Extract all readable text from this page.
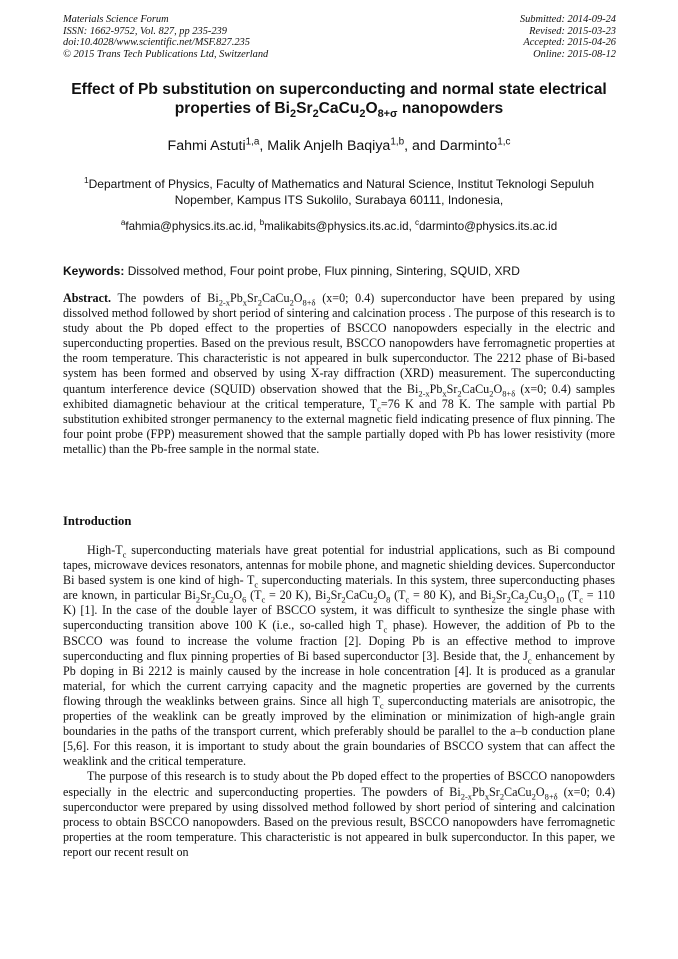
Materials Science Forum
ISSN: 1662-9752, Vol. 827, pp 235-239
doi:10.4028/www.scientific.net/MSF.827.235
© 2015 Trans Tech Publications Ltd, Switzerland
Submitted: 2014-09-24
Revised: 2015-03-23
Accepted: 2015-04-26
Online: 2015-08-12
Effect of Pb substitution on superconducting and normal state electrical
properties of $Bi_2Sr_2CaCu_2O_{8+\sigma}$ nanopowders
Fahmi Astuti$^{1,a}$, Malik Anjelh Baqiya$^{1,b}$, and Darminto$^{1,c}$
$^1$Department of Physics, Faculty of Mathematics and Natural Science, Institut Teknologi Sepuluh
Nopember, Kampus ITS Sukolilo, Surabaya 60111, Indonesia,
$^a$fahmia@physics.its.ac.id, $^b$malikabits@physics.its.ac.id, $^c$darminto@physics.its.ac.id
Keywords: Dissolved method, Four point probe, Flux pinning, Sintering, SQUID, XRD
Abstract. The powders of $Bi_{2-x}Pb_xSr_2CaCu_2O_{8+\delta}$ (x=0; 0.4) superconductor have been prepared by using dissolved method followed by short period of sintering and calcination process . The purpose of this research is to study about the Pb doped effect to the properties of BSCCO nanopowders especially in the electric and superconducting properties. Based on the previous result, BSCCO nanopowders have ferromagnetic properties at the room temperature. This characteristic is not appeared in bulk superconductor. The 2212 phase of Bi-based system has been formed and observed by using X-ray diffraction (XRD) measurement. The superconducting quantum interference device (SQUID) observation showed that the $Bi_{2-x}Pb_xSr_2CaCu_2O_{8+\delta}$ (x=0; 0.4) samples exhibited diamagnetic behaviour at the critical temperature, $T_c=76$ K and 78 K. The sample with partial Pb substitution exhibited stronger permanency to the external magnetic field indicating presence of flux pinning. The four point probe (FPP) measurement showed that the sample partially doped with Pb has lower resistivity (more metallic) than the Pb-free sample in the normal state.
Introduction

High-$T_c$ superconducting materials have great potential for industrial applications, such as Bi compound tapes, microwave devices resonators, antennas for mobile phone, and magnetic shielding devices. Superconductor Bi based system is one kind of high- $T_c$ superconducting materials. In this system, three superconducting phases are known, in particular $Bi_2Sr_2Cu_2O_6$ ($T_c = 20$ K), $Bi_2Sr_2CaCu_2O_8$ ($T_c = 80$ K), and $Bi_2Sr_2Ca_2Cu_3O_{10}$ ($T_c = 110$ K) [1]. In the case of the double layer of BSCCO system, it was difficult to synthesize the single phase with superconducting transition above 100 K (i.e., so-called high $T_c$ phase). However, the addition of Pb to the BSCCO was found to increase the volume fraction [2]. Doping Pb is an effective method to improve superconducting and flux pinning properties of Bi based superconductor [3]. Beside that, the $J_c$ enhancement by Pb doping in Bi 2212 is mainly caused by the increase in hole concentration [4]. It is produced as a granular material, for which the current carrying capacity and the magnetic properties are governed by the currents flowing through the weaklinks between grains. Since all high $T_c$ superconducting materials are anisotropic, the properties of the weaklink can be greatly improved by the elimination or minimization of high-angle grain boundaries in the paths of the transport current, which preferably should be parallel to the a–b conduction plane [5,6]. For this reason, it is important to study about the grain boundaries of BSCCO system that can affect the weaklink and the critical temperature.

The purpose of this research is to study about the Pb doped effect to the properties of BSCCO nanopowders especially in the electric and superconducting properties. The powders of $Bi_{2-x}Pb_xSr_2CaCu_2O_{8+\delta}$ (x=0; 0.4) superconductor were prepared by using dissolved method followed by short period of sintering and calcination process to obtain BSCCO nanopowders. Based on the previous result, BSCCO nanopowders have ferromagnetic properties at the room temperature. This characteristic is not appeared in bulk superconductor. In this paper, we report our recent result on
